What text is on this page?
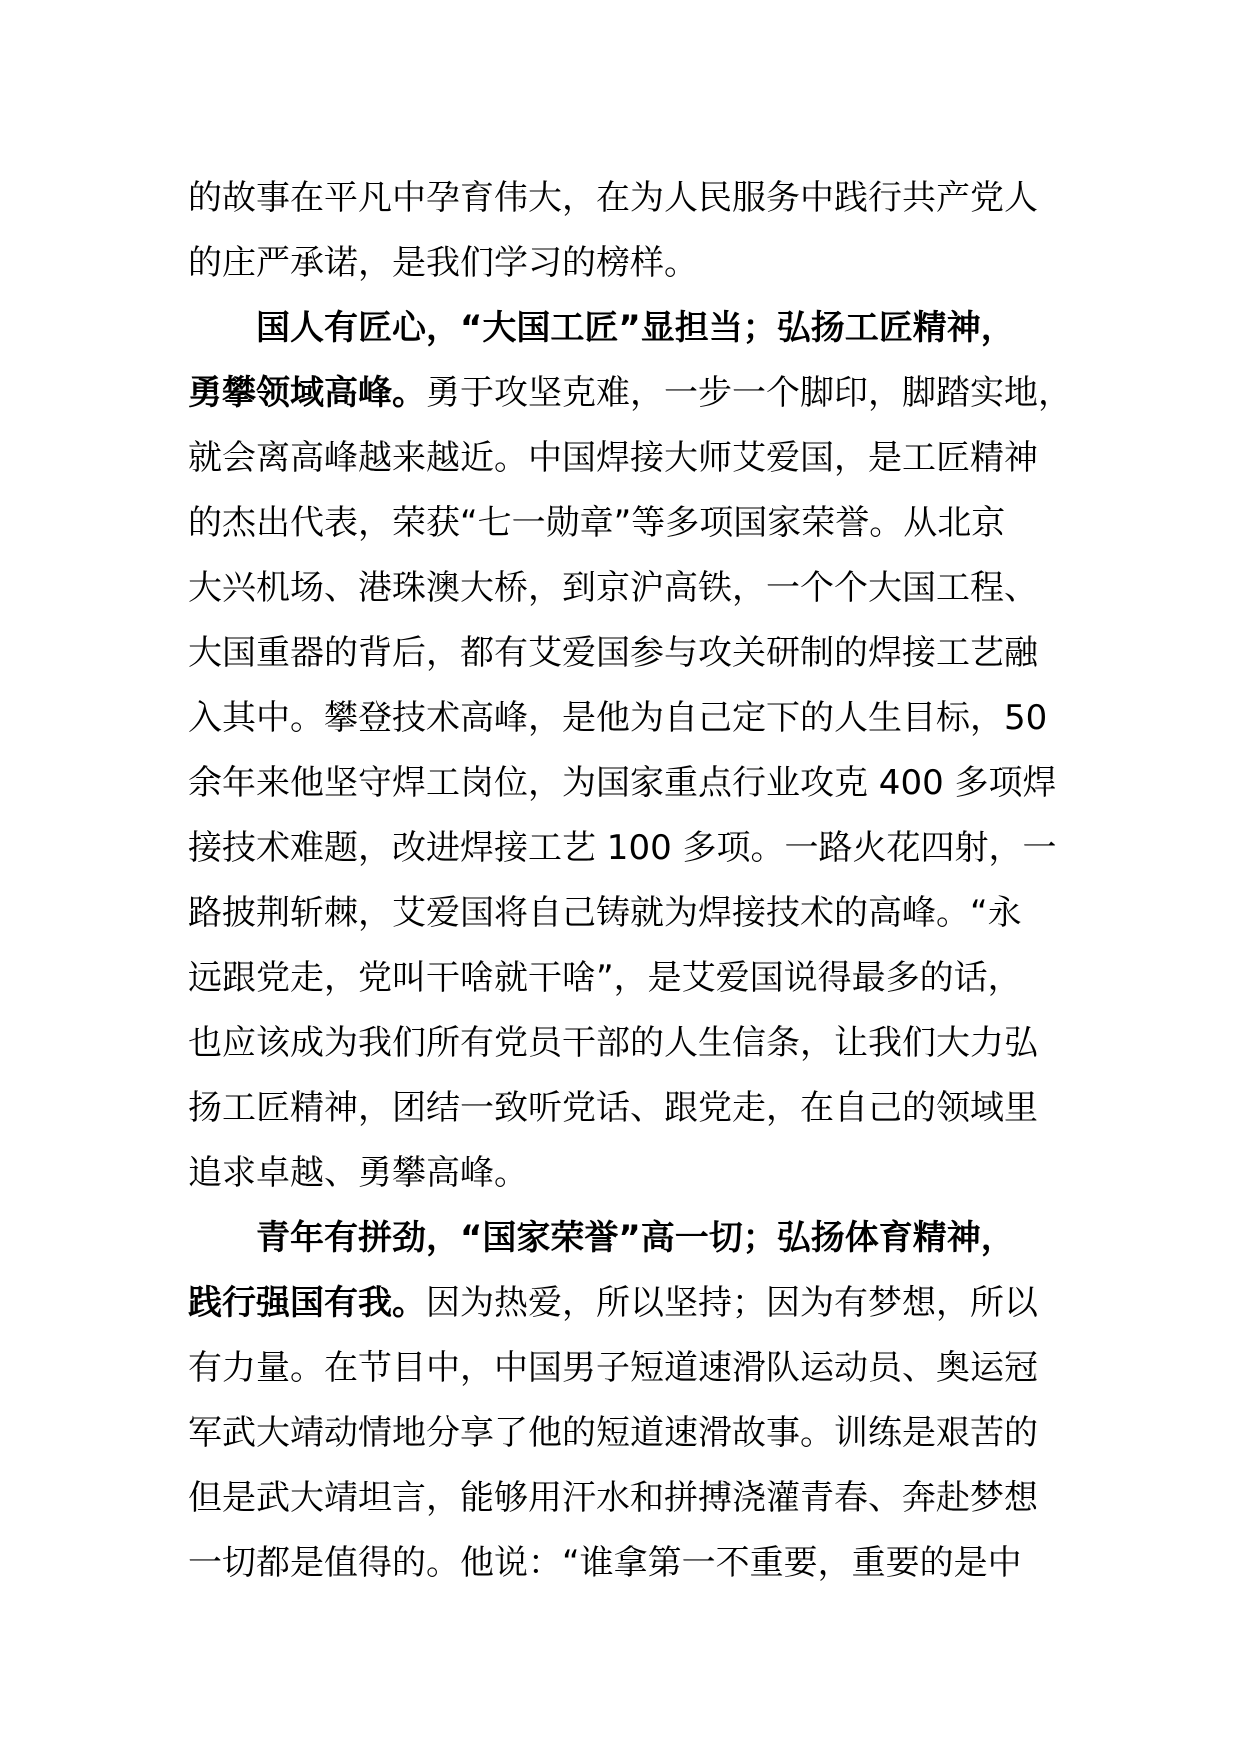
的故事在平凡中孕育伟大，在为人民服务中践行共产党人
的庄严承诺，是我们学习的榜样。
国人有匠心，“大国工匠”显担当；弘扬工匠精神，
勇攀领域高峰。勇于攻坚克难，一步一个脚印，脚踏实地，
就会离高峰越来越近。中国焊接大师艾爱国，是工匠精神
的杰出代表，荣获“七一勋章”等多项国家荣誉。从北京
大兴机场、港珠澳大桥，到京沪高铁，一个个大国工程、
大国重器的背后，都有艾爱国参与攻关研制的焊接工艺融
入其中。攀登技术高峰，是他为自己定下的人生目标，50
余年来他坚守焊工岗位，为国家重点行业攻克 400 多项焊
接技术难题，改进焊接工艺 100 多项。一路火花四射，一
路披荆斩棘，艾爱国将自己铸就为焊接技术的高峰。“永
远跟党走，党叫干啥就干啥”，是艾爱国说得最多的话，
也应该成为我们所有党员干部的人生信条，让我们大力弘
扬工匠精神，团结一致听党话、跟党走，在自己的领域里
追求卓越、勇攀高峰。
青年有拼劲，“国家荣誉”高一切；弘扬体育精神，
践行强国有我。因为热爱，所以坚持；因为有梦想，所以
有力量。在节目中，中国男子短道速滑队运动员、奥运冠
军武大靖动情地分享了他的短道速滑故事。训练是艰苦的
但是武大靖坦言，能够用汗水和拼搏浇灌青春、奔赴梦想
一切都是值得的。他说：“谁拿第一不重要，重要的是中
